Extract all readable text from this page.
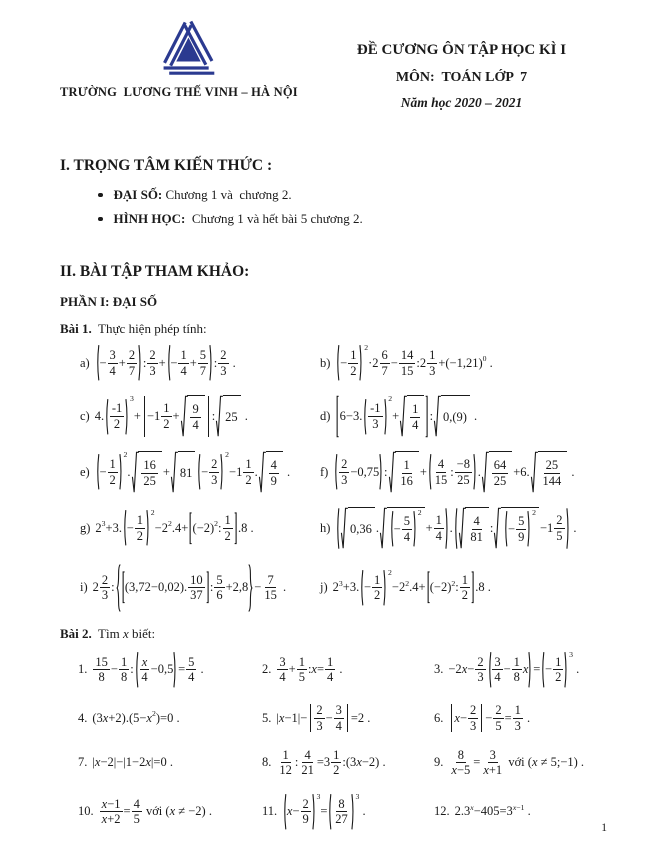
TRƯỜNG  LƯƠNG THẾ VINH – HÀ NỘI
ĐỀ CƯƠNG ÔN TẬP HỌC KÌ I
MÔN:  TOÁN LỚP  7
Năm học 2020 – 2021
I. TRỌNG TÂM KIẾN THỨC :
ĐẠI SỐ: Chương 1 và  chương 2.
HÌNH HỌC: Chương 1 và hết bài 5 chương 2.
II. BÀI TẬP THAM KHẢO:

PHẦN I: ĐẠI SỐ

Bài 1.  Thực hiện phép tính:

$a) - \frac{3}{4} + \frac{2}{7}$ :
2
3
+ − $\frac{1}{4} + \frac{5}{7}$ :
2
3
.	$b) - \frac{1}{2}$
2
·2
6
7
− $\frac{14}{15}$ :2
1
3
+(−1,21) 0 .
c) 4.
-1
2
3
+ −1
1
2
+ 9
4
: 25 .	d) 6−3.
-1
3
2
+ 1
4
: 0,(9) .
$e) - \frac{1}{2}$
2
. 16
25
+ $81 - \frac{2}{3}$
2
−1
1
2
. 4
9
. f)
2
3
−0,75 : 1
16
+
4
15
:
−8
25
. 64
25
+6. 25
144
.
g) 2 3 +3. − $\frac{1}{2}$
2
−2 2 .4+ (−2) 2 :
1
2
.8 .	h) 0,36 . − $\frac{5}{4}$
2
+ $\frac{1}{4}$ . 4
81
: − $\frac{5}{9}$
2
−1
2
5
.
i) 2
2
3
: (3,72−0,02).
10
37
:
5
6
$+2,8 - \frac{7}{15}$ .	j) 2 3 +3. − $\frac{1}{2}$
2
−2 2 .4+ (−2) 2 :
1
2
.8 .

Bài 2. Tìm x biết:

1.
15
8
− $\frac{1}{8}$ :
x
4
$-0,5 = \frac{5}{4}$ .	2.
3
4
+ $\frac{1}{5}$ :x= $\frac{1}{4}$ .	3. $-2x- \frac{2}{3} 3$
4
− $\frac{1}{8}$ x = − $\frac{1}{2}$
3
.
4. (3x+2).(5−x 2 )=0 .	5. |x−1|−
2
3
− $\frac{3}{4} =2$ .	6. $x- \frac{2}{3} - \frac{2}{5} = \frac{1}{3}$ .
7. |x−2|−|1−2x|=0 .	8.
1
12
: $\frac{4}{21} =3$
1
2
:(3x−2) .	9. $\frac{8}{x-5} = \frac{3}{x+1}$ với (x ≠ 5;−1) .
10. $\frac{x-1}{x+2} = \frac{4}{5}$ với (x ≠ −2) .	11. $x- \frac{2}{9}$
3
=
8
27
3
.	12. 2.3 x −405=3 x−1 .
1
